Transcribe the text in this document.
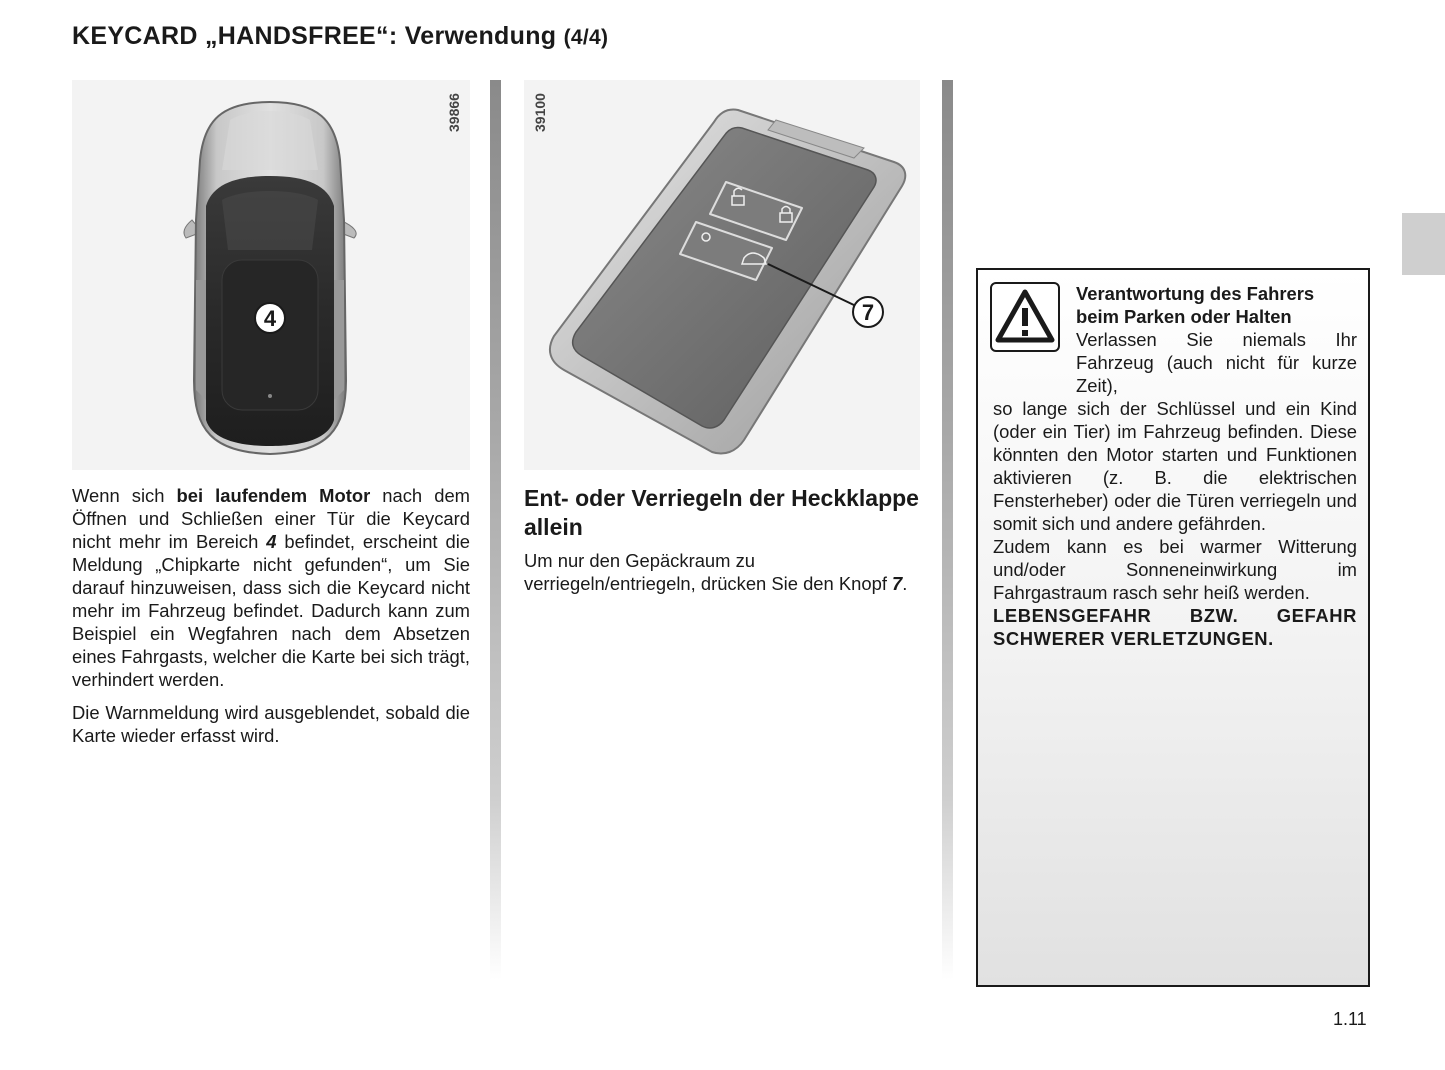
KEYCARD „HANDSFREE“: Verwendung (4/4)
4
39866
7
39100

Wenn sich bei laufendem Motor nach dem Öffnen und Schließen einer Tür die Keycard nicht mehr im Bereich 4 befindet, erscheint die Meldung „Chipkarte nicht gefunden“, um Sie darauf hinzuweisen, dass sich die Keycard nicht mehr im Fahrzeug befindet. Dadurch kann zum Beispiel ein Wegfahren nach dem Absetzen eines Fahrgasts, welcher die Karte bei sich trägt, verhindert werden.

Die Warnmeldung wird ausgeblendet, sobald die Karte wieder erfasst wird.

Ent- oder Verriegeln der Heckklappe allein

Um nur den Gepäckraum zu verriegeln/entriegeln, drücken Sie den Knopf 7.

Verantwortung des Fahrers beim Parken oder Halten
Verlassen Sie niemals Ihr Fahrzeug (auch nicht für kurze Zeit),
so lange sich der Schlüssel und ein Kind (oder ein Tier) im Fahrzeug befinden. Diese könnten den Motor starten und Funktionen aktivieren (z. B. die elektrischen Fensterheber) oder die Türen verriegeln und somit sich und andere gefährden.
Zudem kann es bei warmer Witterung und/oder Sonneneinwirkung im Fahrgastraum rasch sehr heiß werden.
LEBENSGEFAHR BZW. GEFAHR SCHWERER VERLETZUNGEN.
1.11
